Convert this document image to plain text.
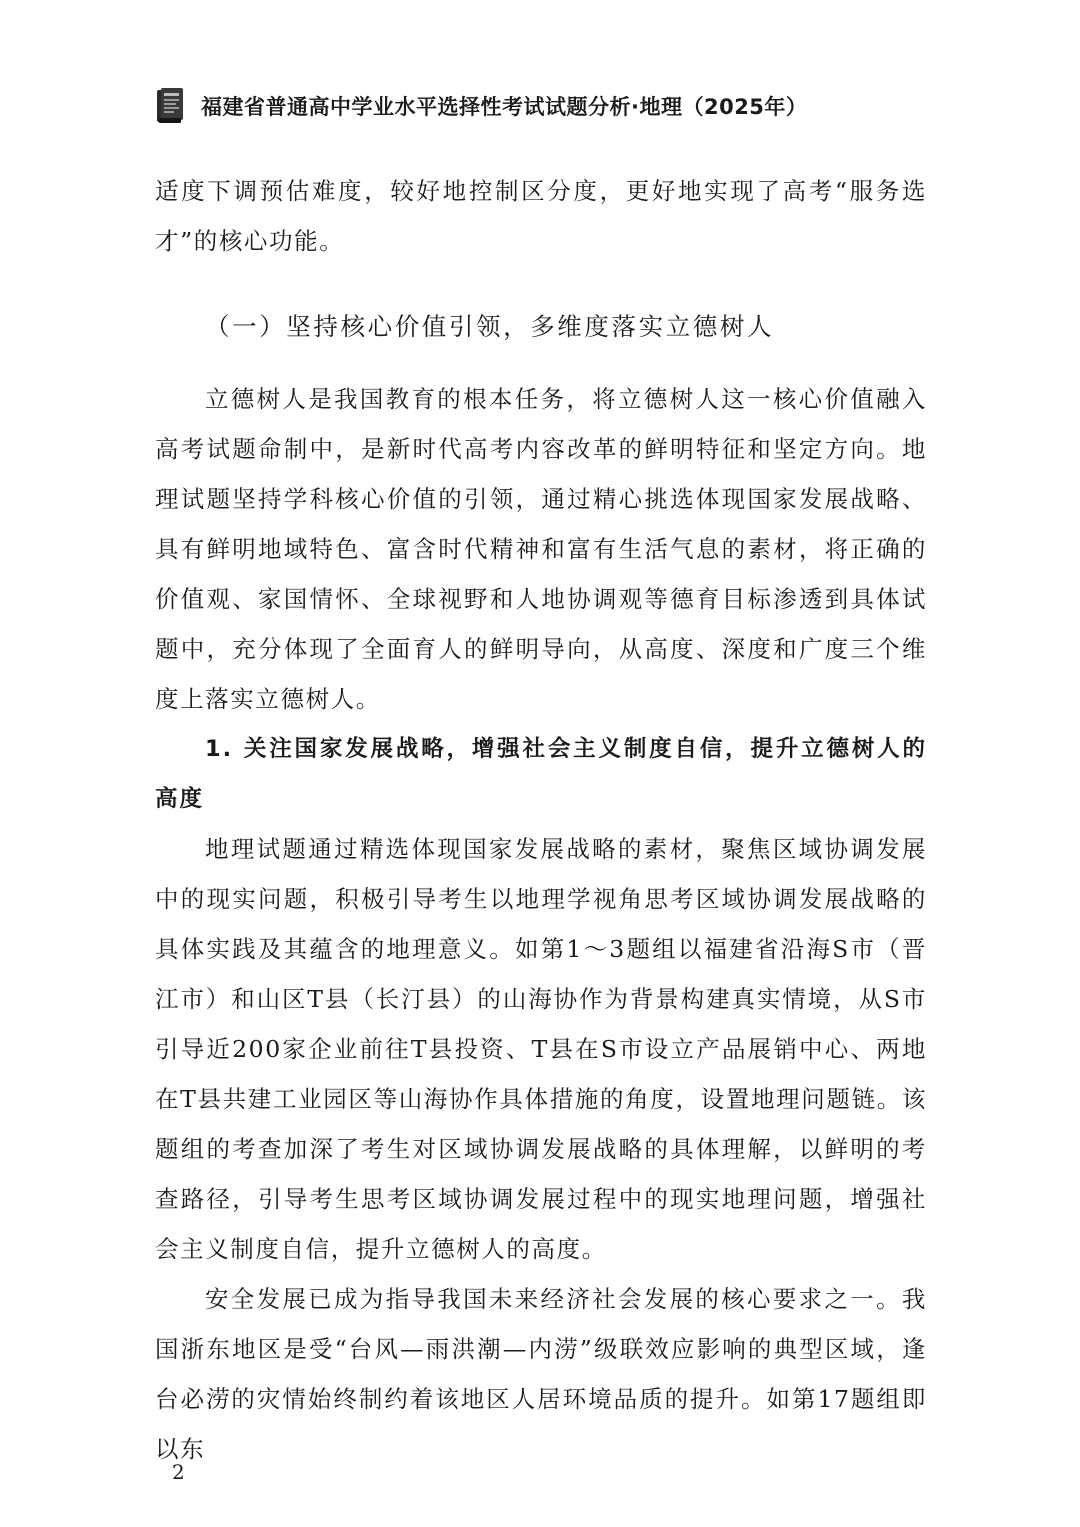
福建省普通高中学业水平选择性考试试题分析·地理（2025年）

适度下调预估难度，较好地控制区分度，更好地实现了高考“服务选才”的核心功能。

（一）坚持核心价值引领，多维度落实立德树人

立德树人是我国教育的根本任务，将立德树人这一核心价值融入高考试题命制中，是新时代高考内容改革的鲜明特征和坚定方向。地理试题坚持学科核心价值的引领，通过精心挑选体现国家发展战略、具有鲜明地域特色、富含时代精神和富有生活气息的素材，将正确的价值观、家国情怀、全球视野和人地协调观等德育目标渗透到具体试题中，充分体现了全面育人的鲜明导向，从高度、深度和广度三个维度上落实立德树人。

1. 关注国家发展战略，增强社会主义制度自信，提升立德树人的高度

地理试题通过精选体现国家发展战略的素材，聚焦区域协调发展中的现实问题，积极引导考生以地理学视角思考区域协调发展战略的具体实践及其蕴含的地理意义。如第1～3题组以福建省沿海S市（晋江市）和山区T县（长汀县）的山海协作为背景构建真实情境，从S市引导近200家企业前往T县投资、T县在S市设立产品展销中心、两地在T县共建工业园区等山海协作具体措施的角度，设置地理问题链。该题组的考查加深了考生对区域协调发展战略的具体理解，以鲜明的考查路径，引导考生思考区域协调发展过程中的现实地理问题，增强社会主义制度自信，提升立德树人的高度。

安全发展已成为指导我国未来经济社会发展的核心要求之一。我国浙东地区是受“台风—雨洪潮—内涝”级联效应影响的典型区域，逢台必涝的灾情始终制约着该地区人居环境品质的提升。如第17题组即以东

2
